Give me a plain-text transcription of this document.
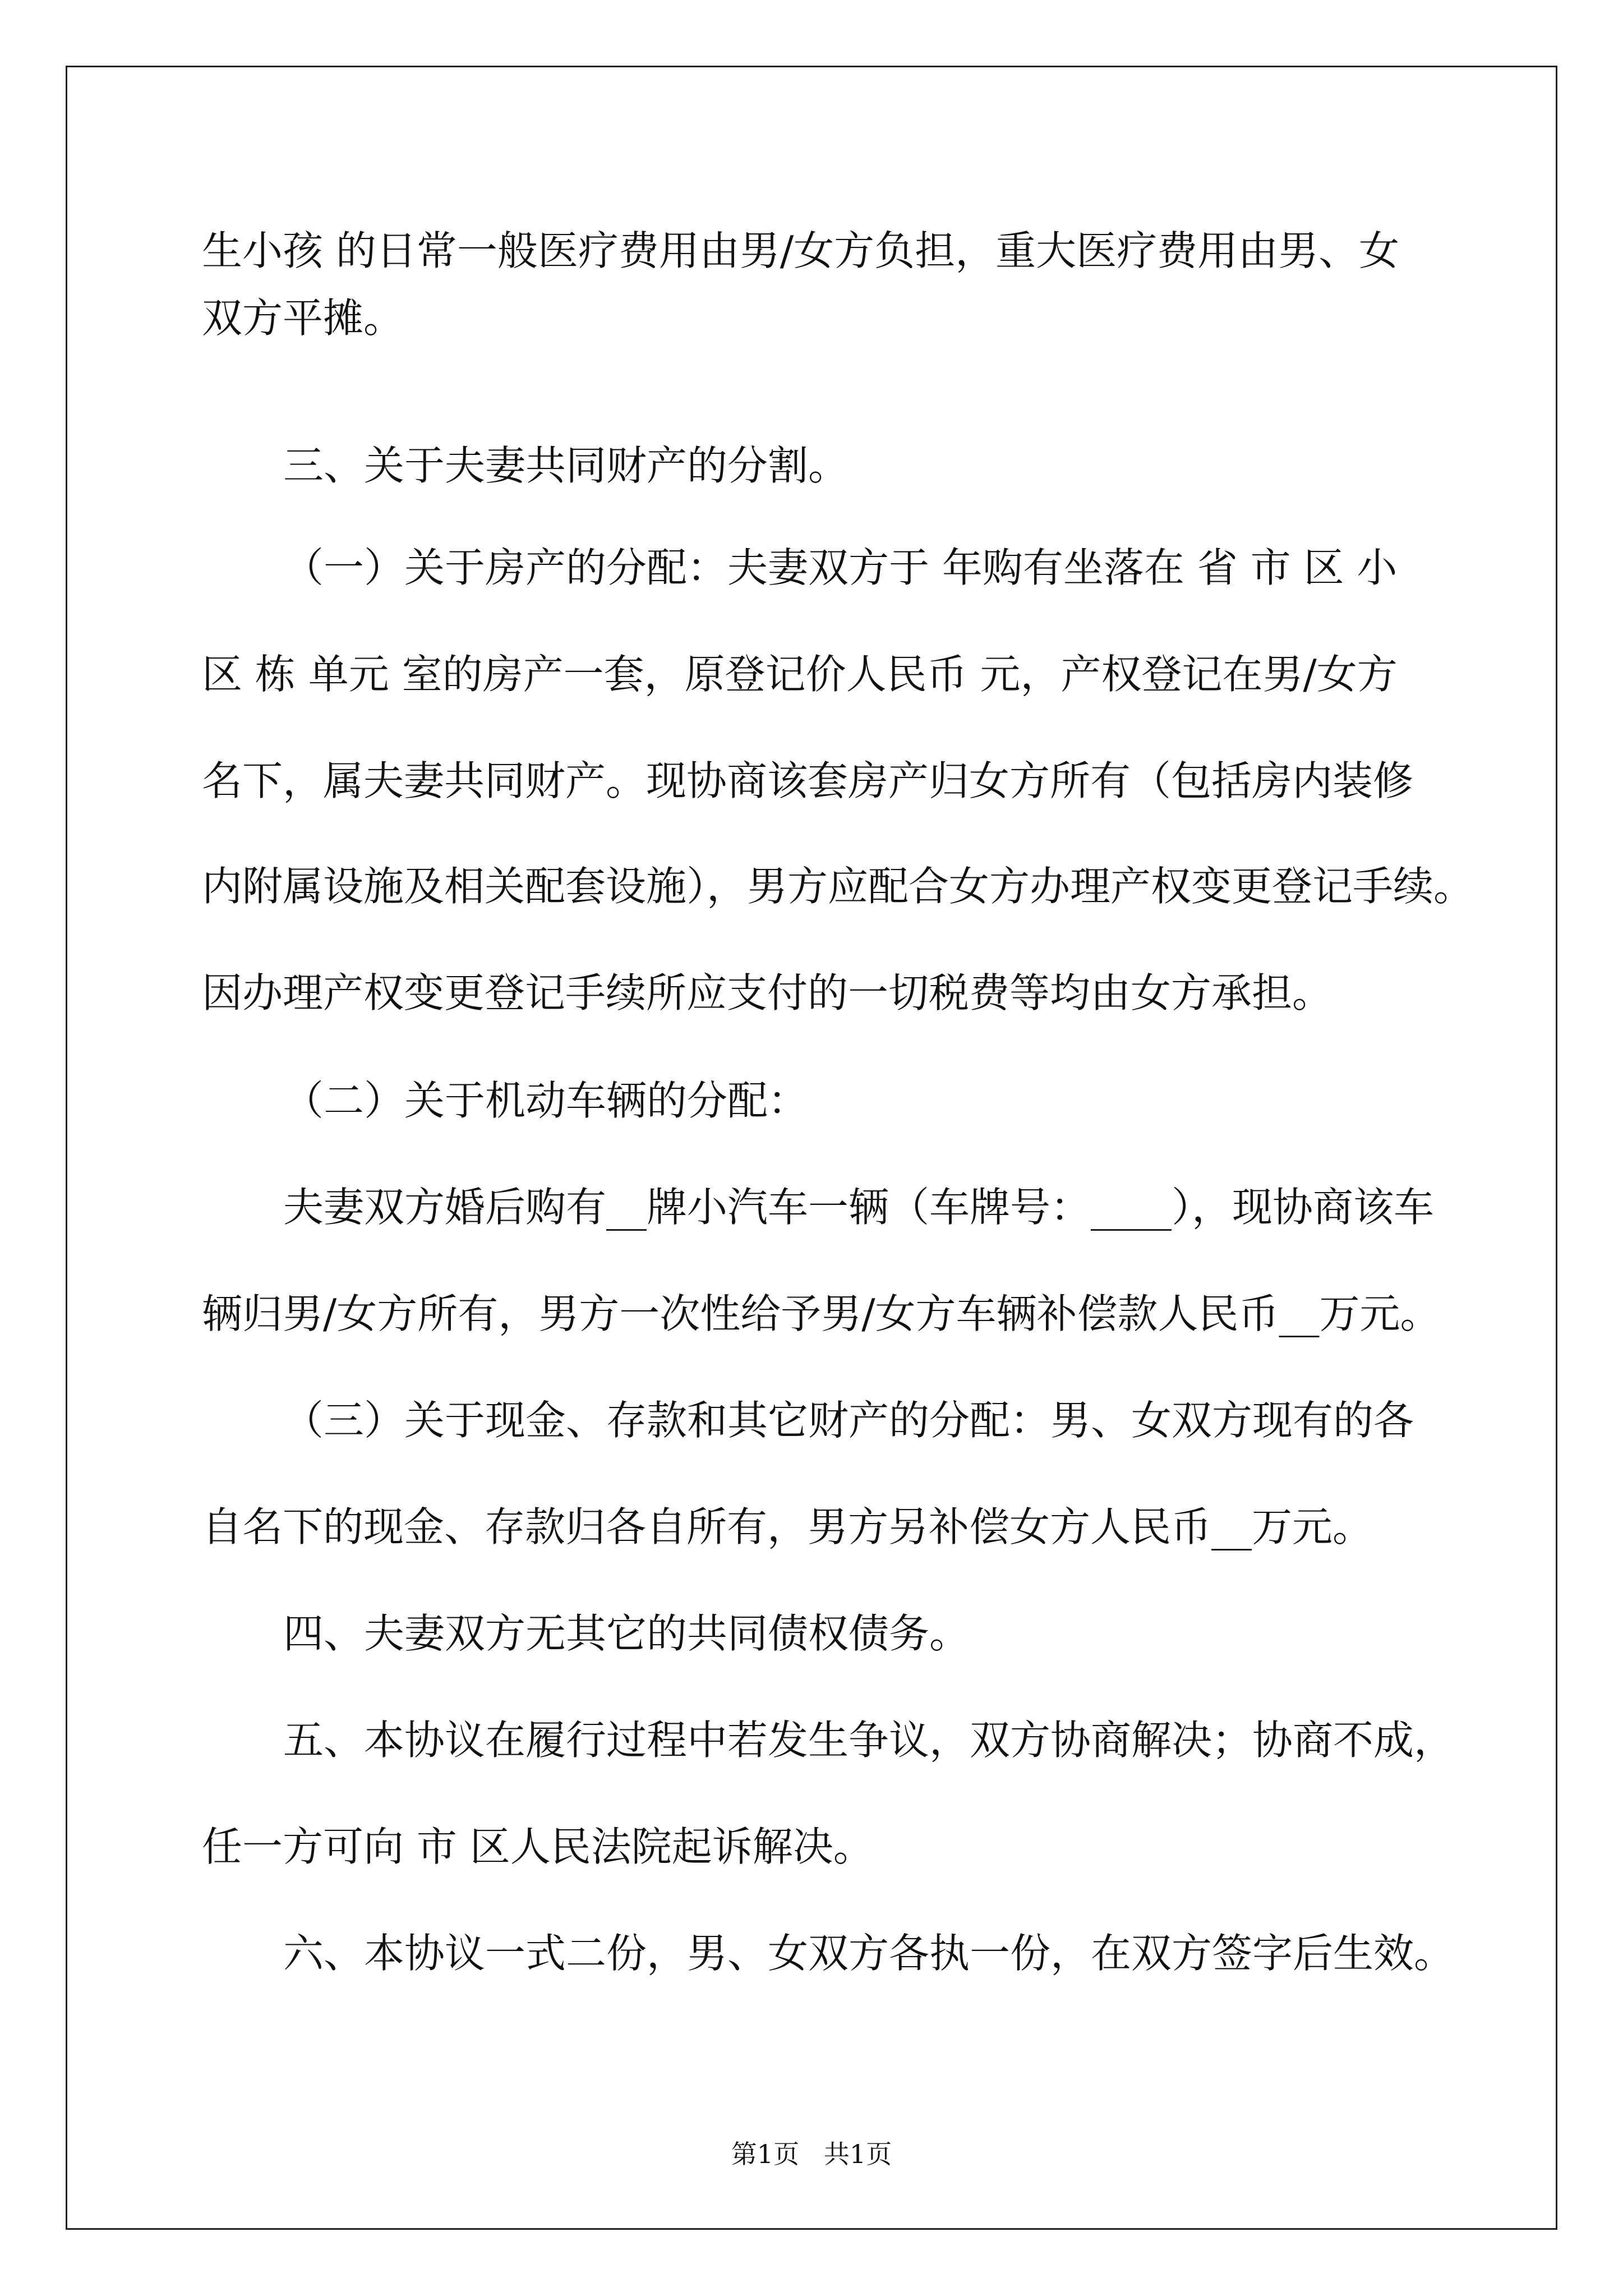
生小孩 的日常一般医疗费用由男/女方负担，重大医疗费用由男、女
双方平摊。
三、关于夫妻共同财产的分割。
（一）关于房产的分配：夫妻双方于 年购有坐落在 省 市 区 小
区 栋 单元 室的房产一套，原登记价人民币 元，产权登记在男/女方
名下，属夫妻共同财产。现协商该套房产归女方所有（包括房内装修
内附属设施及相关配套设施），男方应配合女方办理产权变更登记手续。
因办理产权变更登记手续所应支付的一切税费等均由女方承担。
（二）关于机动车辆的分配：
夫妻双方婚后购有__牌小汽车一辆（车牌号：____），现协商该车
辆归男/女方所有，男方一次性给予男/女方车辆补偿款人民币__万元。
（三）关于现金、存款和其它财产的分配：男、女双方现有的各
自名下的现金、存款归各自所有，男方另补偿女方人民币__万元。
四、夫妻双方无其它的共同债权债务。
五、本协议在履行过程中若发生争议，双方协商解决；协商不成，
任一方可向 市 区人民法院起诉解决。
六、本协议一式二份，男、女双方各执一份，在双方签字后生效。
第1页   共1页
